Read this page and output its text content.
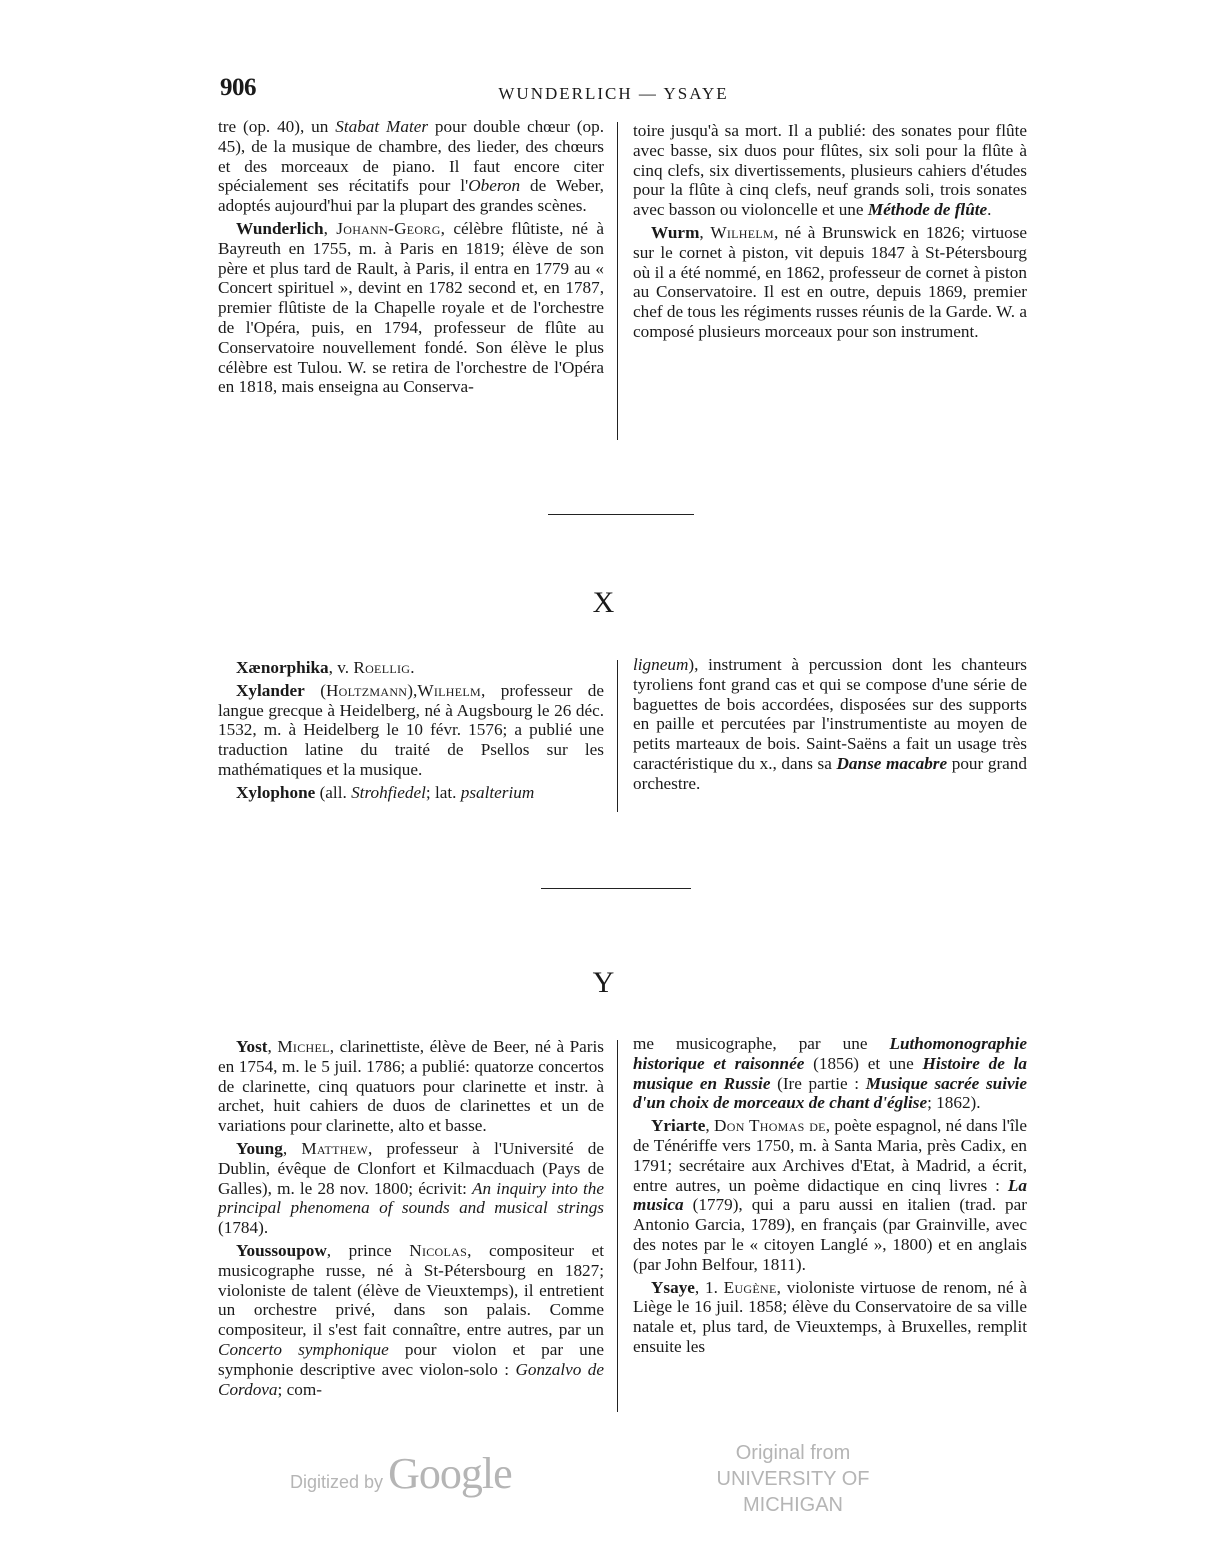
906	WUNDERLICH — YSAYE

tre (op. 40), un Stabat Mater pour double chœur (op. 45), de la musique de chambre, des lieder, des chœurs et des morceaux de piano. Il faut encore citer spécialement ses récitatifs pour l'Oberon de Weber, adoptés aujourd'hui par la plupart des grandes scènes.

Wunderlich, Johann-Georg, célèbre flûtiste, né à Bayreuth en 1755, m. à Paris en 1819; élève de son père et plus tard de Rault, à Paris, il entra en 1779 au « Concert spirituel », devint en 1782 second et, en 1787, premier flûtiste de la Chapelle royale et de l'orchestre de l'Opéra, puis, en 1794, professeur de flûte au Conservatoire nouvellement fondé. Son élève le plus célèbre est Tulou. W. se retira de l'orchestre de l'Opéra en 1818, mais enseigna au Conserva-

toire jusqu'à sa mort. Il a publié: des sonates pour flûte avec basse, six duos pour flûtes, six soli pour la flûte à cinq clefs, six divertissements, plusieurs cahiers d'études pour la flûte à cinq clefs, neuf grands soli, trois sonates avec basson ou violoncelle et une Méthode de flûte.

Wurm, Wilhelm, né à Brunswick en 1826; virtuose sur le cornet à piston, vit depuis 1847 à St-Pétersbourg où il a été nommé, en 1862, professeur de cornet à piston au Conservatoire. Il est en outre, depuis 1869, premier chef de tous les régiments russes réunis de la Garde. W. a composé plusieurs morceaux pour son instrument.

X

Xænorphika, v. Roellig.

Xylander (Holtzmann),Wilhelm, professeur de langue grecque à Heidelberg, né à Augsbourg le 26 déc. 1532, m. à Heidelberg le 10 févr. 1576; a publié une traduction latine du traité de Psellos sur les mathématiques et la musique.

Xylophone (all. Strohfiedel; lat. psalterium

ligneum), instrument à percussion dont les chanteurs tyroliens font grand cas et qui se compose d'une série de baguettes de bois accordées, disposées sur des supports en paille et percutées par l'instrumentiste au moyen de petits marteaux de bois. Saint-Saëns a fait un usage très caractéristique du x., dans sa Danse macabre pour grand orchestre.

Y

Yost, Michel, clarinettiste, élève de Beer, né à Paris en 1754, m. le 5 juil. 1786; a publié: quatorze concertos de clarinette, cinq quatuors pour clarinette et instr. à archet, huit cahiers de duos de clarinettes et un de variations pour clarinette, alto et basse.

Young, Matthew, professeur à l'Université de Dublin, évêque de Clonfort et Kilmacduach (Pays de Galles), m. le 28 nov. 1800; écrivit: An inquiry into the principal phenomena of sounds and musical strings (1784).

Youssoupow, prince Nicolas, compositeur et musicographe russe, né à St-Pétersbourg en 1827; violoniste de talent (élève de Vieuxtemps), il entretient un orchestre privé, dans son palais. Comme compositeur, il s'est fait connaître, entre autres, par un Concerto symphonique pour violon et par une symphonie descriptive avec violon-solo : Gonzalvo de Cordova; com-

me musicographe, par une Luthomonographie historique et raisonnée (1856) et une Histoire de la musique en Russie (Ire partie : Musique sacrée suivie d'un choix de morceaux de chant d'église; 1862).

Yriarte, Don Thomas de, poète espagnol, né dans l'île de Ténériffe vers 1750, m. à Santa Maria, près Cadix, en 1791; secrétaire aux Archives d'Etat, à Madrid, a écrit, entre autres, un poème didactique en cinq livres : La musica (1779), qui a paru aussi en italien (trad. par Antonio Garcia, 1789), en français (par Grainville, avec des notes par le « citoyen Langlé », 1800) et en anglais (par John Belfour, 1811).

Ysaye, 1. Eugène, violoniste virtuose de renom, né à Liège le 16 juil. 1858; élève du Conservatoire de sa ville natale et, plus tard, de Vieuxtemps, à Bruxelles, remplit ensuite les

Digitized by Google	Original from
UNIVERSITY OF MICHIGAN
